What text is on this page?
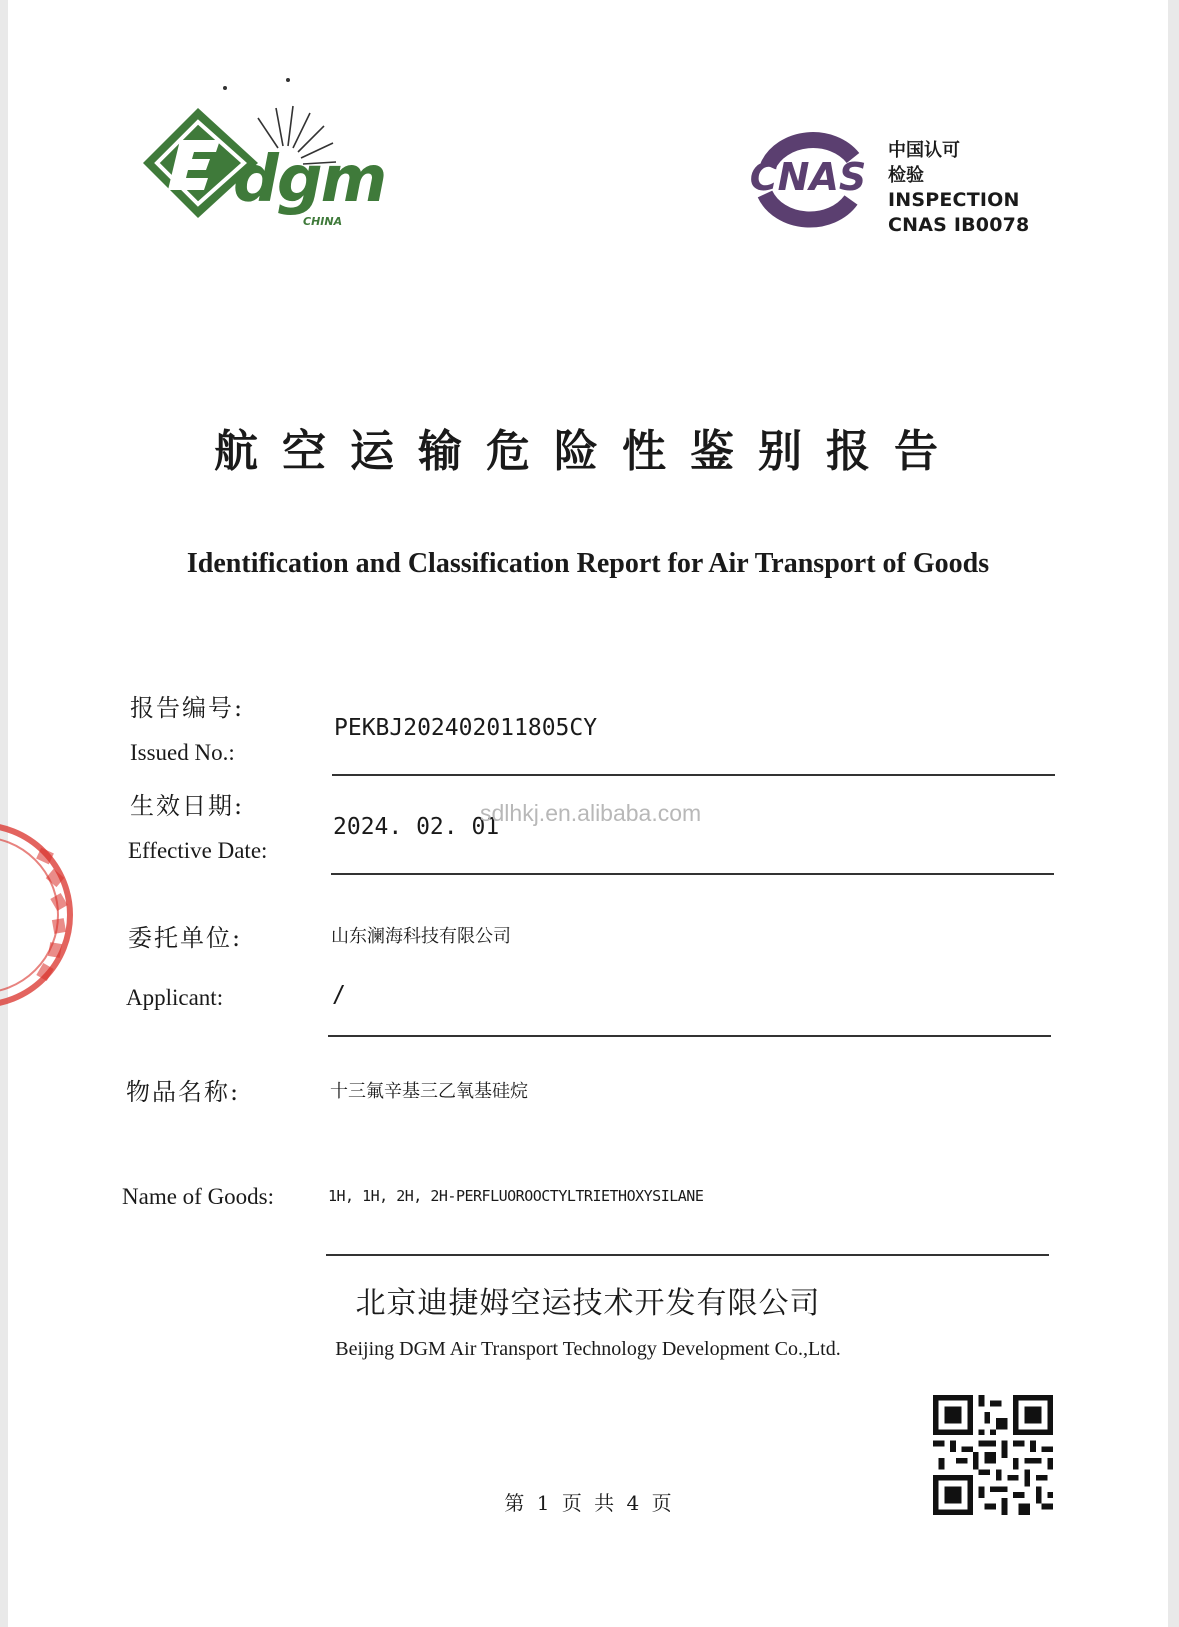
dgm
CHINA
CNAS
中国认可
检验
INSPECTION
CNAS IB0078
航空运输危险性鉴别报告
Identification and Classification Report for Air Transport of Goods
报告编号:
Issued No.:
PEKBJ202402011805CY
生效日期:
Effective Date:
2024. 02. 01
sdlhkj.en.alibaba.com
委托单位:
Applicant:
山东澜海科技有限公司
/
物品名称:
Name of Goods:
十三氟辛基三乙氧基硅烷
1H, 1H, 2H, 2H-PERFLUOROOCTYLTRIETHOXYSILANE
北京迪捷姆空运技术开发有限公司
Beijing DGM Air Transport Technology Development Co.,Ltd.
第 1 页 共 4 页
